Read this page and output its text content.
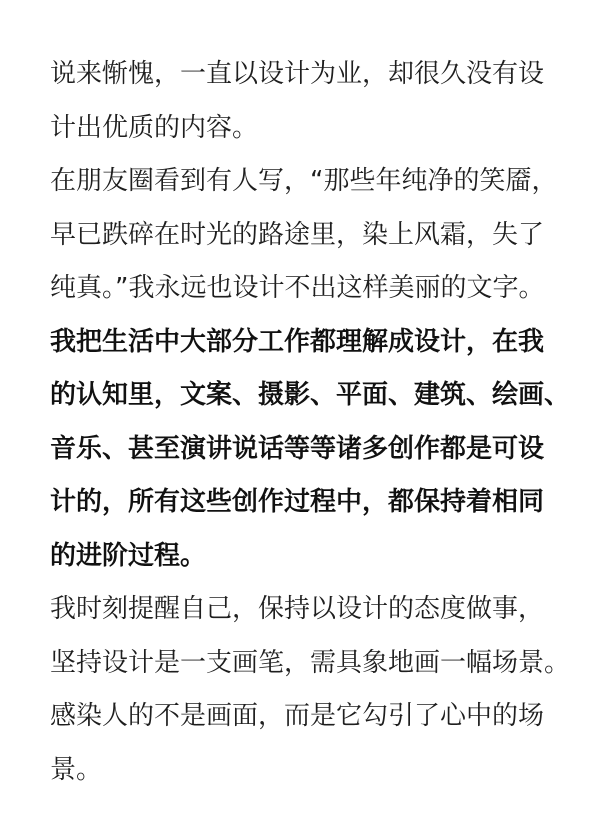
说来惭愧，一直以设计为业，却很久没有设
计出优质的内容。
在朋友圈看到有人写，“那些年纯净的笑靥，
早已跌碎在时光的路途里，染上风霜，失了
纯真。”我永远也设计不出这样美丽的文字。
我把生活中大部分工作都理解成设计，在我
的认知里，文案、摄影、平面、建筑、绘画、
音乐、甚至演讲说话等等诸多创作都是可设
计的，所有这些创作过程中，都保持着相同
的进阶过程。
我时刻提醒自己，保持以设计的态度做事，
坚持设计是一支画笔，需具象地画一幅场景。
感染人的不是画面，而是它勾引了心中的场
景。
